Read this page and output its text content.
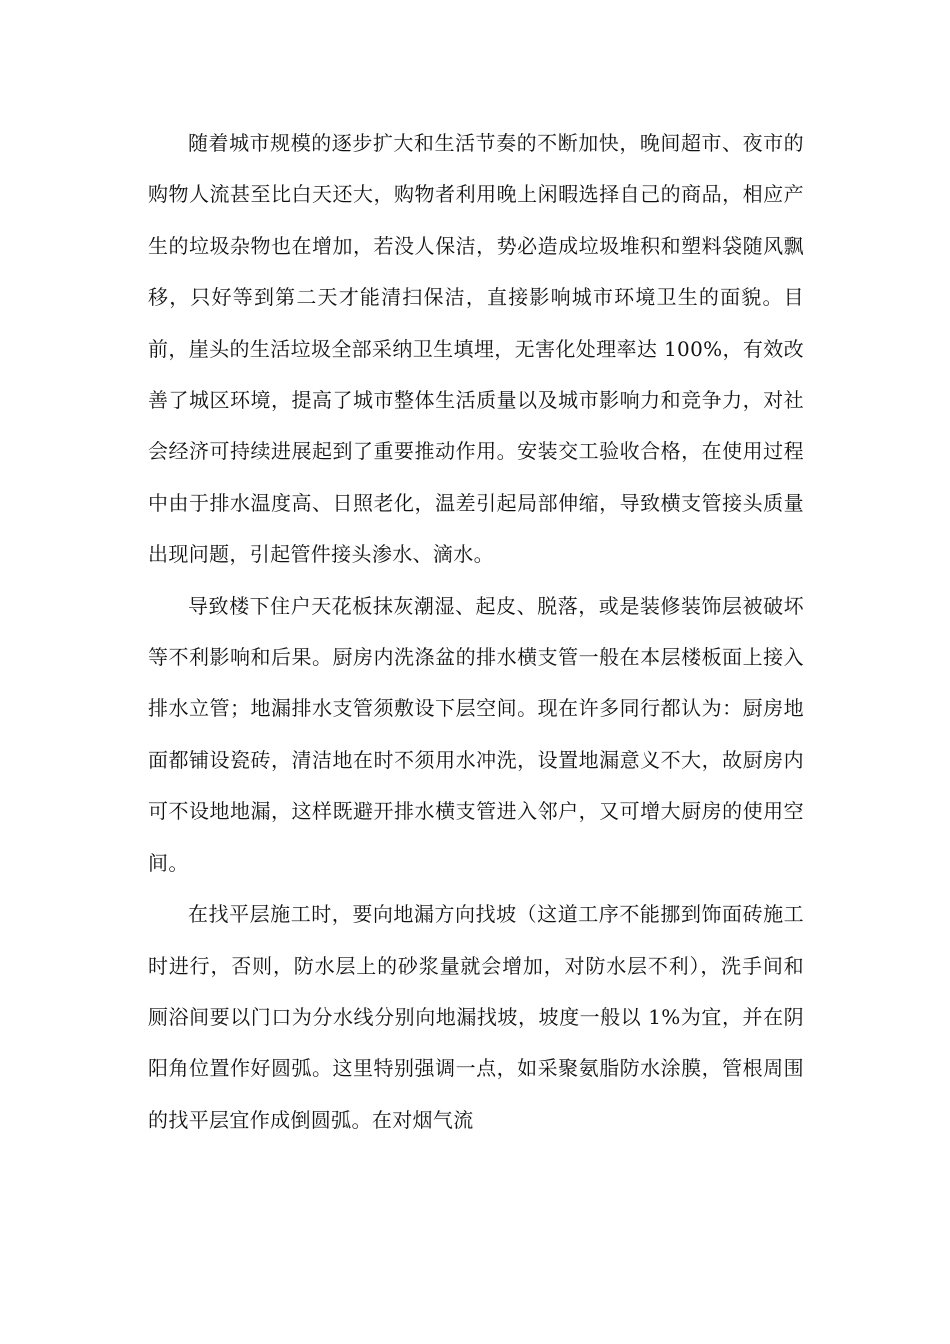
随着城市规模的逐步扩大和生活节奏的不断加快，晚间超市、夜市的购物人流甚至比白天还大，购物者利用晚上闲暇选择自己的商品，相应产生的垃圾杂物也在增加，若没人保洁，势必造成垃圾堆积和塑料袋随风飘移，只好等到第二天才能清扫保洁，直接影响城市环境卫生的面貌。目前，崖头的生活垃圾全部采纳卫生填埋，无害化处理率达 100%，有效改善了城区环境，提高了城市整体生活质量以及城市影响力和竞争力，对社会经济可持续进展起到了重要推动作用。安装交工验收合格，在使用过程中由于排水温度高、日照老化，温差引起局部伸缩，导致横支管接头质量出现问题，引起管件接头渗水、滴水。

导致楼下住户天花板抹灰潮湿、起皮、脱落，或是装修装饰层被破坏等不利影响和后果。厨房内洗涤盆的排水横支管一般在本层楼板面上接入排水立管；地漏排水支管须敷设下层空间。现在许多同行都认为：厨房地面都铺设瓷砖，清洁地在时不须用水冲洗，设置地漏意义不大，故厨房内可不设地地漏，这样既避开排水横支管进入邻户，又可增大厨房的使用空间。

在找平层施工时，要向地漏方向找坡（这道工序不能挪到饰面砖施工时进行，否则，防水层上的砂浆量就会增加，对防水层不利），洗手间和厕浴间要以门口为分水线分别向地漏找坡，坡度一般以 1%为宜，并在阴阳角位置作好圆弧。这里特别强调一点，如采聚氨脂防水涂膜，管根周围的找平层宜作成倒圆弧。在对烟气流
